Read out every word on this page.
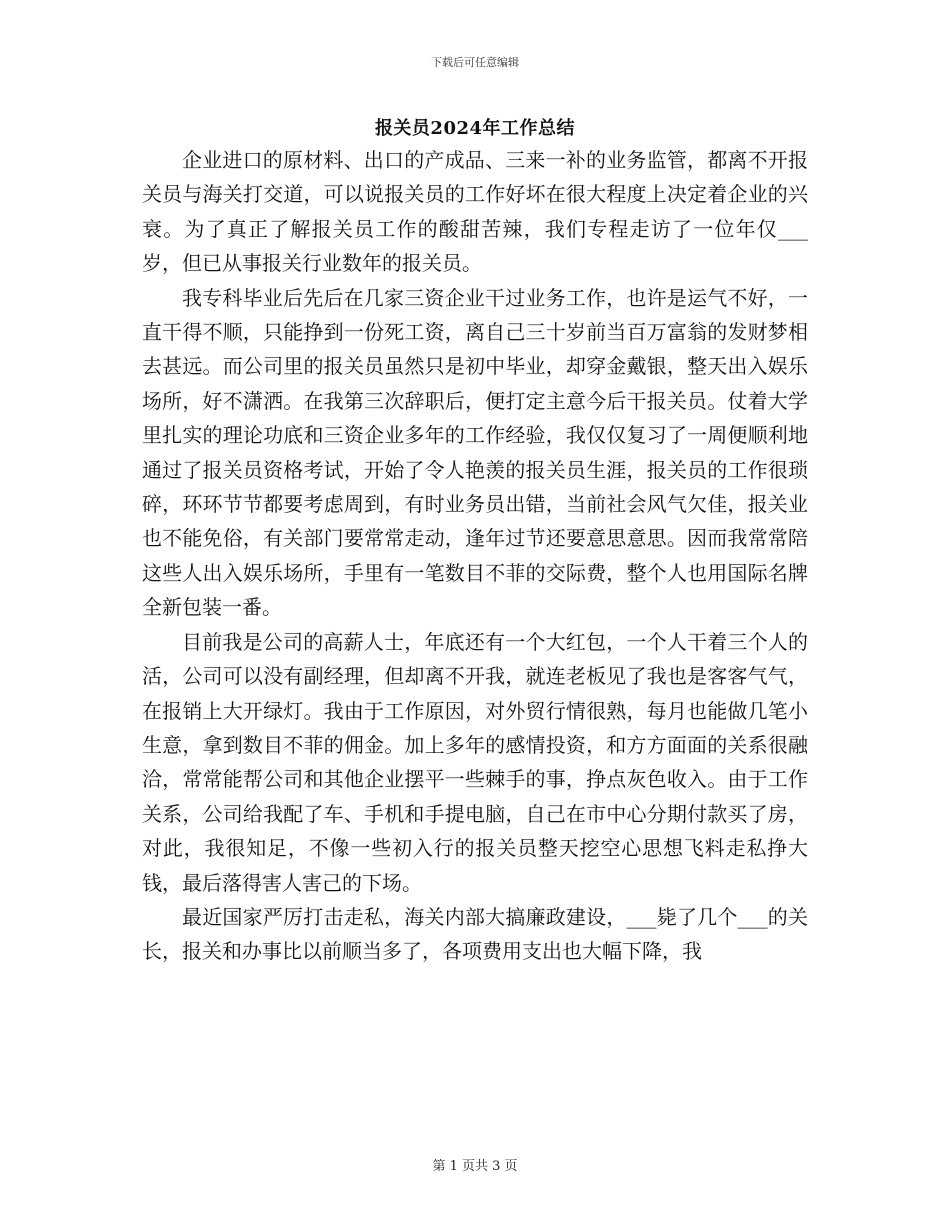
下载后可任意编辑
报关员2024年工作总结

企业进口的原材料、出口的产成品、三来一补的业务监管，都离不开报关员与海关打交道，可以说报关员的工作好坏在很大程度上决定着企业的兴衰。为了真正了解报关员工作的酸甜苦辣，我们专程走访了一位年仅___岁，但已从事报关行业数年的报关员。

我专科毕业后先后在几家三资企业干过业务工作，也许是运气不好，一直干得不顺，只能挣到一份死工资，离自己三十岁前当百万富翁的发财梦相去甚远。而公司里的报关员虽然只是初中毕业，却穿金戴银，整天出入娱乐场所，好不潇洒。在我第三次辞职后，便打定主意今后干报关员。仗着大学里扎实的理论功底和三资企业多年的工作经验，我仅仅复习了一周便顺利地通过了报关员资格考试，开始了令人艳羡的报关员生涯，报关员的工作很琐碎，环环节节都要考虑周到，有时业务员出错，当前社会风气欠佳，报关业也不能免俗，有关部门要常常走动，逢年过节还要意思意思。因而我常常陪这些人出入娱乐场所，手里有一笔数目不菲的交际费，整个人也用国际名牌全新包装一番。

目前我是公司的高薪人士，年底还有一个大红包，一个人干着三个人的活，公司可以没有副经理，但却离不开我，就连老板见了我也是客客气气，在报销上大开绿灯。我由于工作原因，对外贸行情很熟，每月也能做几笔小生意，拿到数目不菲的佣金。加上多年的感情投资，和方方面面的关系很融洽，常常能帮公司和其他企业摆平一些棘手的事，挣点灰色收入。由于工作关系，公司给我配了车、手机和手提电脑，自己在市中心分期付款买了房，对此，我很知足，不像一些初入行的报关员整天挖空心思想飞料走私挣大钱，最后落得害人害己的下场。

最近国家严厉打击走私，海关内部大搞廉政建设，___毙了几个___的关长，报关和办事比以前顺当多了，各项费用支出也大幅下降，我

第 1 页共 3 页
